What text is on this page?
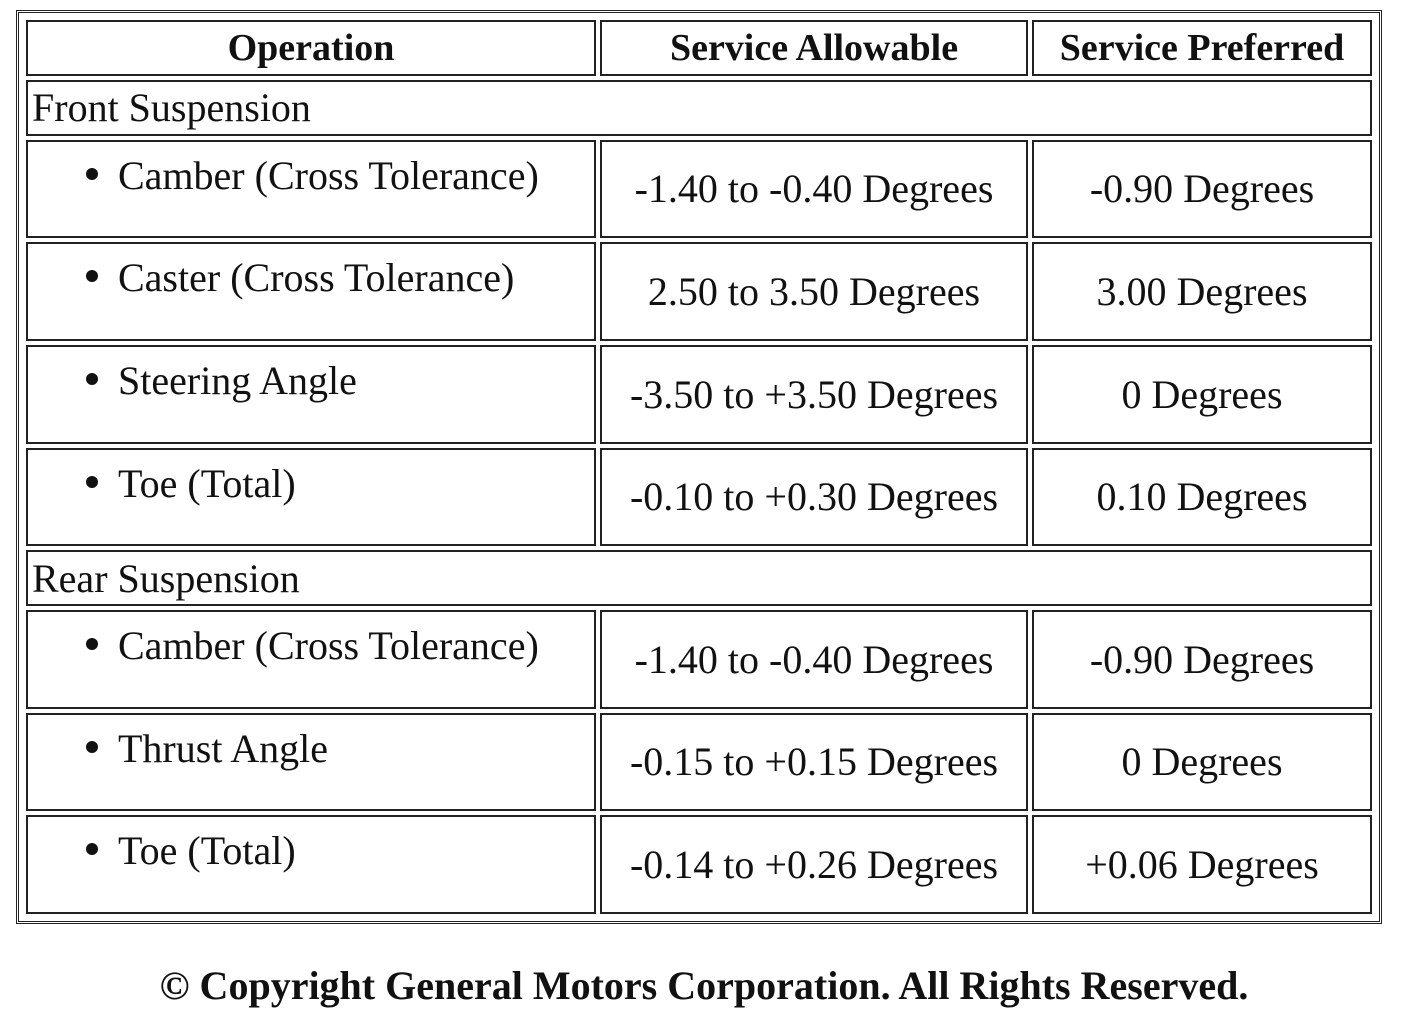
Operation	Service Allowable	Service Preferred
Front Suspension		

Camber (Cross Tolerance)	-1.40 to -0.40 Degrees	-0.90 Degrees

Caster (Cross Tolerance)	2.50 to 3.50 Degrees	3.00 Degrees

Steering Angle	-3.50 to +3.50 Degrees	0 Degrees

Toe (Total)	-0.10 to +0.30 Degrees	0.10 Degrees
Rear Suspension		

Camber (Cross Tolerance)	-1.40 to -0.40 Degrees	-0.90 Degrees

Thrust Angle	-0.15 to +0.15 Degrees	0 Degrees

Toe (Total)	-0.14 to +0.26 Degrees	+0.06 Degrees
© Copyright General Motors Corporation. All Rights Reserved.
